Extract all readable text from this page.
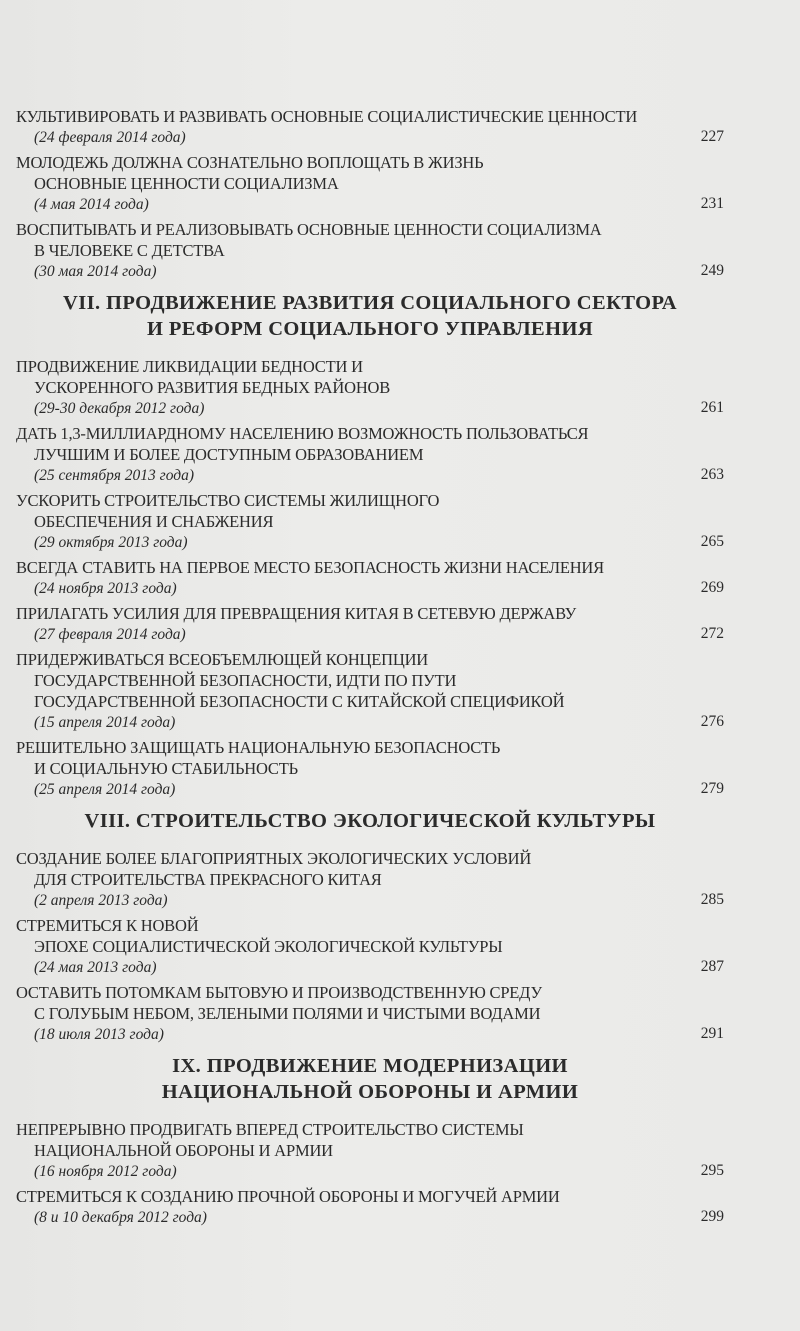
КУЛЬТИВИРОВАТЬ И РАЗВИВАТЬ ОСНОВНЫЕ СОЦИАЛИСТИЧЕСКИЕ ЦЕННОСТИ
(24 февраля 2014 года)	227
МОЛОДЕЖЬ ДОЛЖНА СОЗНАТЕЛЬНО ВОПЛОЩАТЬ В ЖИЗНЬ
ОСНОВНЫЕ ЦЕННОСТИ СОЦИАЛИЗМА
(4 мая 2014 года)	231
ВОСПИТЫВАТЬ И РЕАЛИЗОВЫВАТЬ ОСНОВНЫЕ ЦЕННОСТИ СОЦИАЛИЗМА
В ЧЕЛОВЕКЕ С ДЕТСТВА
(30 мая 2014 года)	249
VII. ПРОДВИЖЕНИЕ РАЗВИТИЯ СОЦИАЛЬНОГО СЕКТОРА
И РЕФОРМ СОЦИАЛЬНОГО УПРАВЛЕНИЯ
ПРОДВИЖЕНИЕ ЛИКВИДАЦИИ БЕДНОСТИ И
УСКОРЕННОГО РАЗВИТИЯ БЕДНЫХ РАЙОНОВ
(29-30 декабря 2012 года)	261
ДАТЬ 1,3-МИЛЛИАРДНОМУ НАСЕЛЕНИЮ ВОЗМОЖНОСТЬ ПОЛЬЗОВАТЬСЯ
ЛУЧШИМ И БОЛЕЕ ДОСТУПНЫМ ОБРАЗОВАНИЕМ
(25 сентября 2013 года)	263
УСКОРИТЬ СТРОИТЕЛЬСТВО СИСТЕМЫ ЖИЛИЩНОГО
ОБЕСПЕЧЕНИЯ И СНАБЖЕНИЯ
(29 октября 2013 года)	265
ВСЕГДА СТАВИТЬ НА ПЕРВОЕ МЕСТО БЕЗОПАСНОСТЬ ЖИЗНИ НАСЕЛЕНИЯ
(24 ноября 2013 года)	269
ПРИЛАГАТЬ УСИЛИЯ ДЛЯ ПРЕВРАЩЕНИЯ КИТАЯ В СЕТЕВУЮ ДЕРЖАВУ
(27 февраля 2014 года)	272
ПРИДЕРЖИВАТЬСЯ ВСЕОБЪЕМЛЮЩЕЙ КОНЦЕПЦИИ
ГОСУДАРСТВЕННОЙ БЕЗОПАСНОСТИ, ИДТИ ПО ПУТИ
ГОСУДАРСТВЕННОЙ БЕЗОПАСНОСТИ С КИТАЙСКОЙ СПЕЦИФИКОЙ
(15 апреля 2014 года)	276
РЕШИТЕЛЬНО ЗАЩИЩАТЬ НАЦИОНАЛЬНУЮ БЕЗОПАСНОСТЬ
И СОЦИАЛЬНУЮ СТАБИЛЬНОСТЬ
(25 апреля 2014 года)	279
VIII. СТРОИТЕЛЬСТВО ЭКОЛОГИЧЕСКОЙ КУЛЬТУРЫ
СОЗДАНИЕ БОЛЕЕ БЛАГОПРИЯТНЫХ ЭКОЛОГИЧЕСКИХ УСЛОВИЙ
ДЛЯ СТРОИТЕЛЬСТВА ПРЕКРАСНОГО КИТАЯ
(2 апреля 2013 года)	285
СТРЕМИТЬСЯ К НОВОЙ
ЭПОХЕ СОЦИАЛИСТИЧЕСКОЙ ЭКОЛОГИЧЕСКОЙ КУЛЬТУРЫ
(24 мая 2013 года)	287
ОСТАВИТЬ ПОТОМКАМ БЫТОВУЮ И ПРОИЗВОДСТВЕННУЮ СРЕДУ
С ГОЛУБЫМ НЕБОМ, ЗЕЛЕНЫМИ ПОЛЯМИ И ЧИСТЫМИ ВОДАМИ
(18 июля 2013 года)	291
IX. ПРОДВИЖЕНИЕ МОДЕРНИЗАЦИИ
НАЦИОНАЛЬНОЙ ОБОРОНЫ И АРМИИ
НЕПРЕРЫВНО ПРОДВИГАТЬ ВПЕРЕД СТРОИТЕЛЬСТВО СИСТЕМЫ
НАЦИОНАЛЬНОЙ ОБОРОНЫ И АРМИИ
(16 ноября 2012 года)	295
СТРЕМИТЬСЯ К СОЗДАНИЮ ПРОЧНОЙ ОБОРОНЫ И МОГУЧЕЙ АРМИИ
(8 и 10 декабря 2012 года)	299
